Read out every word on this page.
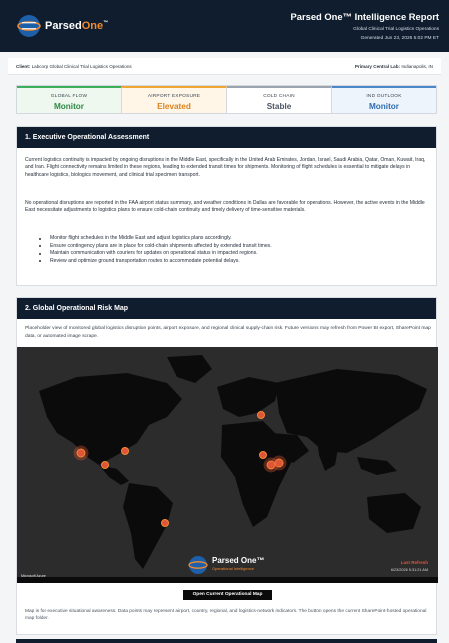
ParsedOne™
Parsed One™ Intelligence Report
Global Clinical Trial Logistics Operations
Generated Jun 23, 2026 5:02 PM ET
Client: Labcorp Global Clinical Trial Logistics Operations	Primary Central Lab: Indianapolis, IN
GLOBAL FLOW
Monitor
AIRPORT EXPOSURE
Elevated
COLD CHAIN
Stable
IND OUTLOOK
Monitor
1. Executive Operational Assessment
Current logistics continuity is impacted by ongoing disruptions in the Middle East, specifically in the United Arab Emirates, Jordan, Israel, Saudi Arabia, Qatar, Oman, Kuwait, Iraq, and Iran. Flight connectivity remains limited in these regions, leading to extended transit times for shipments. Monitoring of flight schedules is essential to mitigate delays in healthcare logistics, biologics movement, and clinical trial specimen transport.
No operational disruptions are reported in the FAA airport status summary, and weather conditions in Dallas are favorable for operations. However, the active events in the Middle East necessitate adjustments to logistics plans to ensure cold-chain continuity and timely delivery of time-sensitive materials.
Monitor flight schedules in the Middle East and adjust logistics plans accordingly.
Ensure contingency plans are in place for cold-chain shipments affected by extended transit times.
Maintain communication with couriers for updates on operational status in impacted regions.
Review and optimize ground transportation routes to accommodate potential delays.
2. Global Operational Risk Map
Placeholder view of monitored global logistics disruption points, airport exposure, and regional clinical supply-chain risk. Future versions may refresh from Power BI export, SharePoint map data, or automated image scrape.
Parsed One™
Operational Intelligence
Last Refresh
6/23/2026 5:31:21 AM
Microsoft Azure
Open Current Operational Map
Map is for executive situational awareness. Data points may represent airport, country, regional, and logistics-network indicators. The button opens the current SharePoint-hosted operational map folder.
